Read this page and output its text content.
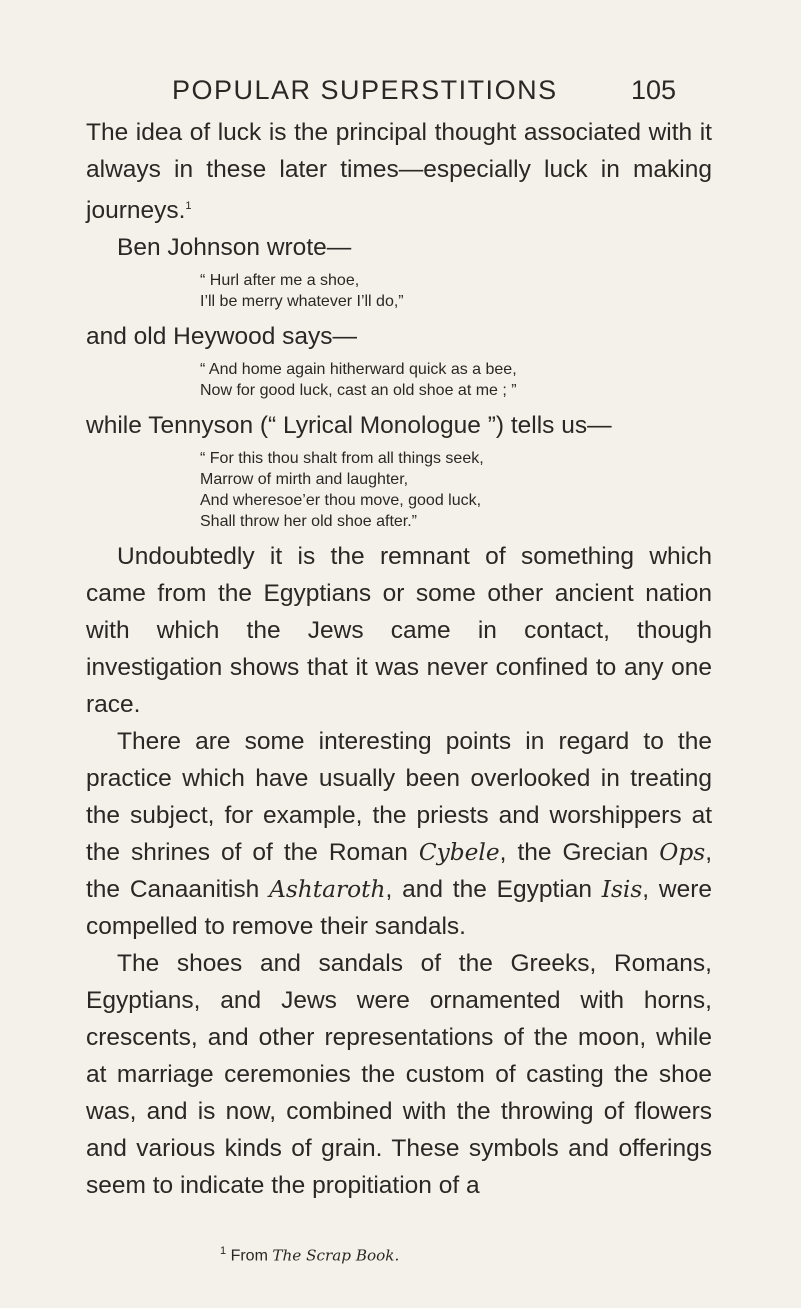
POPULAR SUPERSTITIONS	105

The idea of luck is the principal thought associated with it always in these later times—especially luck in making journeys.$^1$

Ben Johnson wrote—

“ Hurl after me a shoe,
I’ll be merry whatever I’ll do,”

and old Heywood says—

“ And home again hitherward quick as a bee,
Now for good luck, cast an old shoe at me ; ”

while Tennyson (“ Lyrical Monologue ”) tells us—

“ For this thou shalt from all things seek,
Marrow of mirth and laughter,
And wheresoe’er thou move, good luck,
Shall throw her old shoe after.”

Undoubtedly it is the remnant of something which came from the Egyptians or some other ancient nation with which the Jews came in contact, though investigation shows that it was never confined to any one race.

There are some interesting points in regard to the practice which have usually been overlooked in treating the subject, for example, the priests and worshippers at the shrines of of the Roman Cybele, the Grecian Ops, the Canaanitish Ashtaroth, and the Egyptian Isis, were compelled to remove their sandals.

The shoes and sandals of the Greeks, Romans, Egyptians, and Jews were ornamented with horns, crescents, and other representations of the moon, while at marriage ceremonies the custom of casting the shoe was, and is now, combined with the throwing of flowers and various kinds of grain. These symbols and offerings seem to indicate the propitiation of a

$^1$ From The Scrap Book.
